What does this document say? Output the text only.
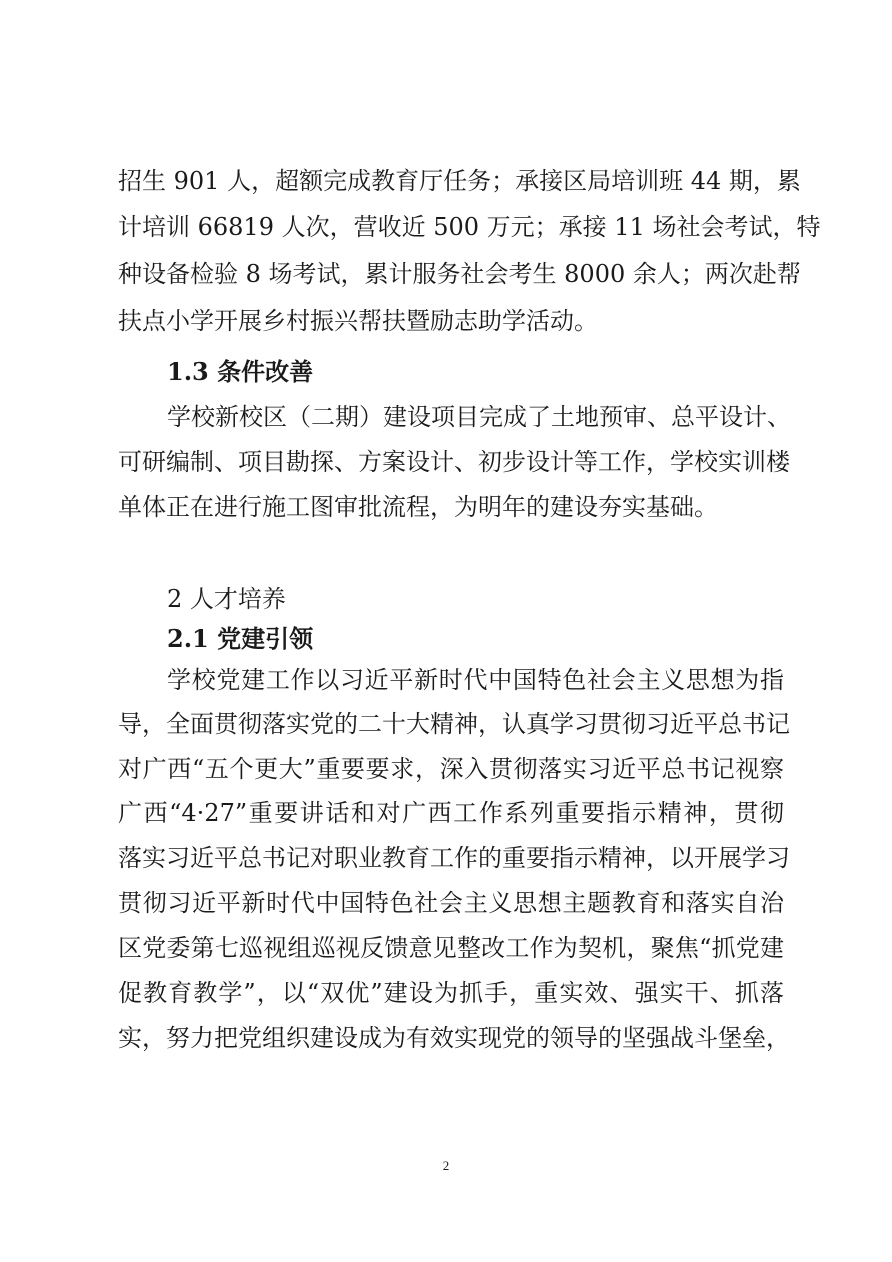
招生 901 人，超额完成教育厅任务；承接区局培训班 44 期，累
计培训 66819 人次，营收近 500 万元；承接 11 场社会考试，特
种设备检验 8 场考试，累计服务社会考生 8000 余人；两次赴帮
扶点小学开展乡村振兴帮扶暨励志助学活动。
1.3 条件改善
学校新校区（二期）建设项目完成了土地预审、总平设计、
可研编制、项目勘探、方案设计、初步设计等工作，学校实训楼
单体正在进行施工图审批流程，为明年的建设夯实基础。
2 人才培养
2.1 党建引领
学校党建工作以习近平新时代中国特色社会主义思想为指
导，全面贯彻落实党的二十大精神，认真学习贯彻习近平总书记
对广西“五个更大”重要要求，深入贯彻落实习近平总书记视察
广西“4·27”重要讲话和对广西工作系列重要指示精神，贯彻
落实习近平总书记对职业教育工作的重要指示精神，以开展学习
贯彻习近平新时代中国特色社会主义思想主题教育和落实自治
区党委第七巡视组巡视反馈意见整改工作为契机，聚焦“抓党建
促教育教学”，以“双优”建设为抓手，重实效、强实干、抓落
实，努力把党组织建设成为有效实现党的领导的坚强战斗堡垒，
2
